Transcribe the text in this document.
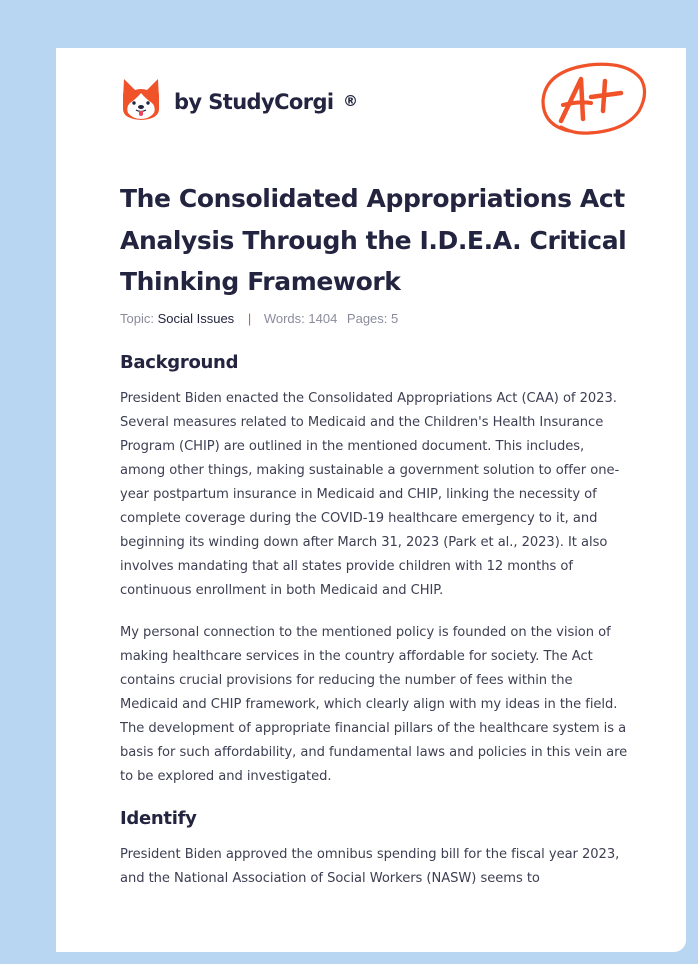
by StudyCorgi ®
The Consolidated Appropriations Act Analysis Through the I.D.E.A. Critical Thinking Framework
Topic: Social Issues | Words: 1404 Pages: 5
Background

President Biden enacted the Consolidated Appropriations Act (CAA) of 2023. Several measures related to Medicaid and the Children's Health Insurance Program (CHIP) are outlined in the mentioned document. This includes, among other things, making sustainable a government solution to offer one-year postpartum insurance in Medicaid and CHIP, linking the necessity of complete coverage during the COVID-19 healthcare emergency to it, and beginning its winding down after March 31, 2023 (Park et al., 2023). It also involves mandating that all states provide children with 12 months of continuous enrollment in both Medicaid and CHIP.

My personal connection to the mentioned policy is founded on the vision of making healthcare services in the country affordable for society. The Act contains crucial provisions for reducing the number of fees within the Medicaid and CHIP framework, which clearly align with my ideas in the field. The development of appropriate financial pillars of the healthcare system is a basis for such affordability, and fundamental laws and policies in this vein are to be explored and investigated.

Identify

President Biden approved the omnibus spending bill for the fiscal year 2023, and the National Association of Social Workers (NASW) seems to
